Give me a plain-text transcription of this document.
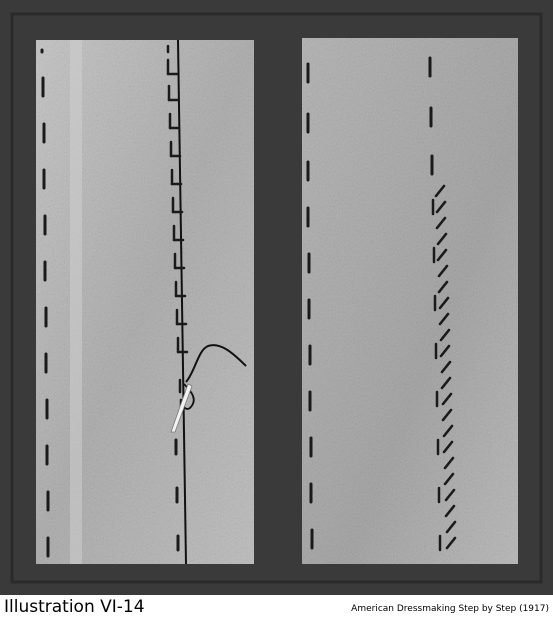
Illustration VI-14	American Dressmaking Step by Step (1917)
